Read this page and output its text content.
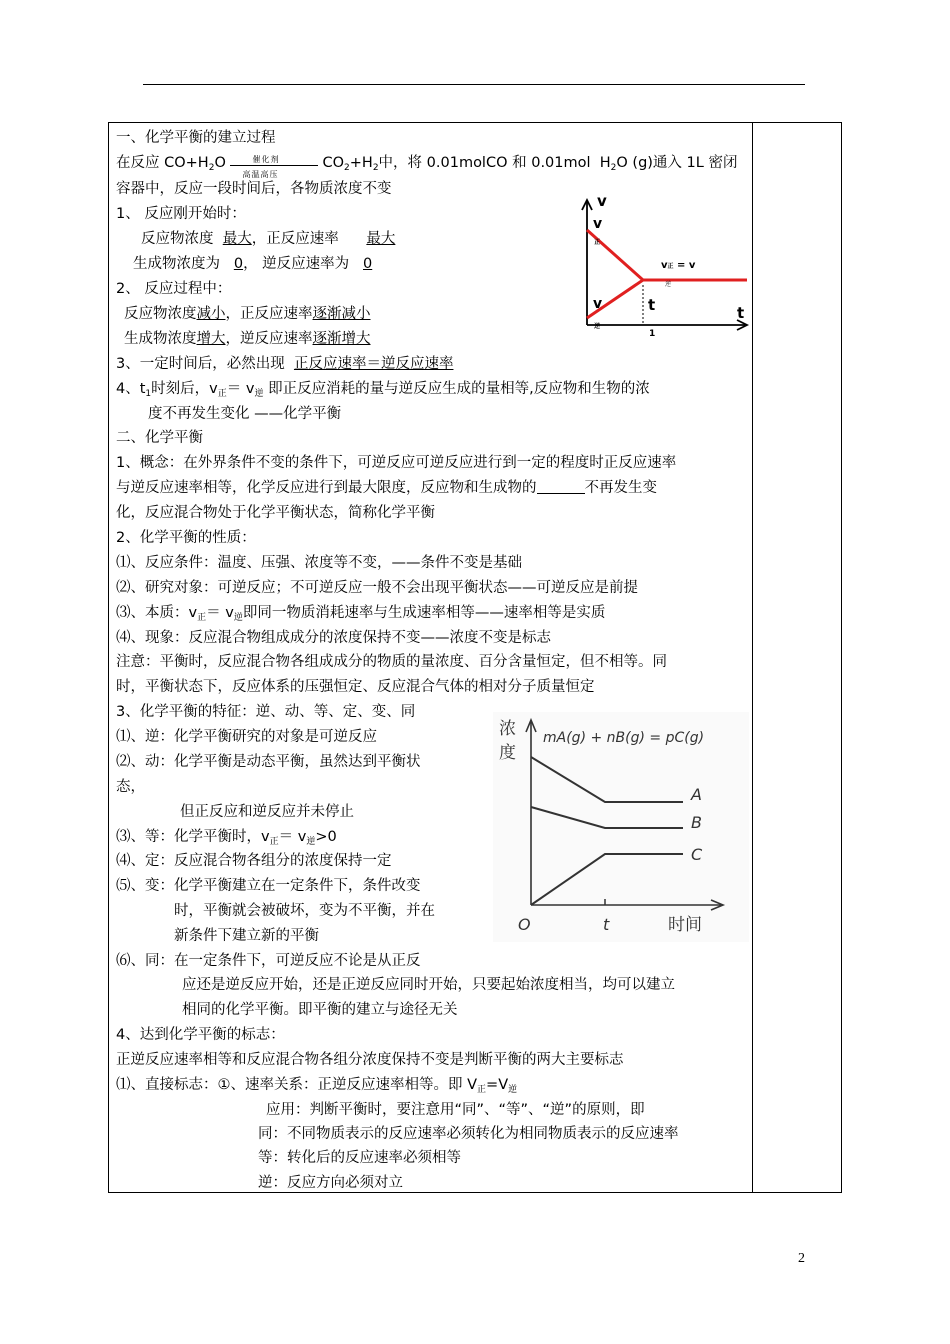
一、化学平衡的建立过程
在反应 $CO+H_2O$	催化剂
高温高压
$CO_2+H_2$中，将 0.01molCO 和 0.01mol  $H_2O$ (g)通入 1L 密闭
容器中，反应一段时间后，各物质浓度不变
1、 反应刚开始时：
反应物浓度  最大，正反应速率      最大
生成物浓度为   0， 逆反应速率为   0
2、 反应过程中：
反应物浓度减小，正反应速率逐渐减小
生成物浓度增大，逆反应速率逐渐增大
3、一定时间后，必然出现  正反应速率＝逆反应速率
4、$t_1$时刻后，$v_正= v_逆$ 即正反应消耗的量与逆反应生成的量相等,反应物和生物的浓
度不再发生变化 ——化学平衡
v
t
v 正
v 逆
v正 = v
逆
t
1
二、化学平衡
1、概念：在外界条件不变的条件下，可逆反应可逆反应进行到一定的程度时正反应速率
与逆反应速率相等，化学反应进行到最大限度，反应物和生成物的	不再发生变
化，反应混合物处于化学平衡状态，简称化学平衡
2、化学平衡的性质：
⑴、反应条件：温度、压强、浓度等不变，——条件不变是基础
⑵、研究对象：可逆反应；不可逆反应一般不会出现平衡状态——可逆反应是前提
⑶、本质：$v_正= v_逆$即同一物质消耗速率与生成速率相等——速率相等是实质
⑷、现象：反应混合物组成成分的浓度保持不变——浓度不变是标志
注意：平衡时，反应混合物各组成成分的物质的量浓度、百分含量恒定，但不相等。同
时，平衡状态下，反应体系的压强恒定、反应混合气体的相对分子质量恒定
3、化学平衡的特征：逆、动、等、定、变、同
⑴、逆：化学平衡研究的对象是可逆反应
⑵、动：化学平衡是动态平衡，虽然达到平衡状
态，
但正反应和逆反应并未停止
⑶、等：化学平衡时，$v_正= v_逆>0$
⑷、定：反应混合物各组分的浓度保持一定
⑸、变：化学平衡建立在一定条件下，条件改变
时，平衡就会被破坏，变为不平衡，并在
新条件下建立新的平衡
⑹、同：在一定条件下，可逆反应不论是从正反
应还是逆反应开始，还是正逆反应同时开始，只要起始浓度相当，均可以建立
相同的化学平衡。即平衡的建立与途径无关
浓
度
mA(g) + nB(g) = pC(g)
A
B
C
O	t	时间
4、达到化学平衡的标志：
正逆反应速率相等和反应混合物各组分浓度保持不变是判断平衡的两大主要标志
⑴、直接标志：①、速率关系：正逆反应速率相等。即 $V_正=V_逆$
应用：判断平衡时，要注意用“同”、“等”、“逆”的原则，即
同：不同物质表示的反应速率必须转化为相同物质表示的反应速率
等：转化后的反应速率必须相等
逆：反应方向必须对立
2
